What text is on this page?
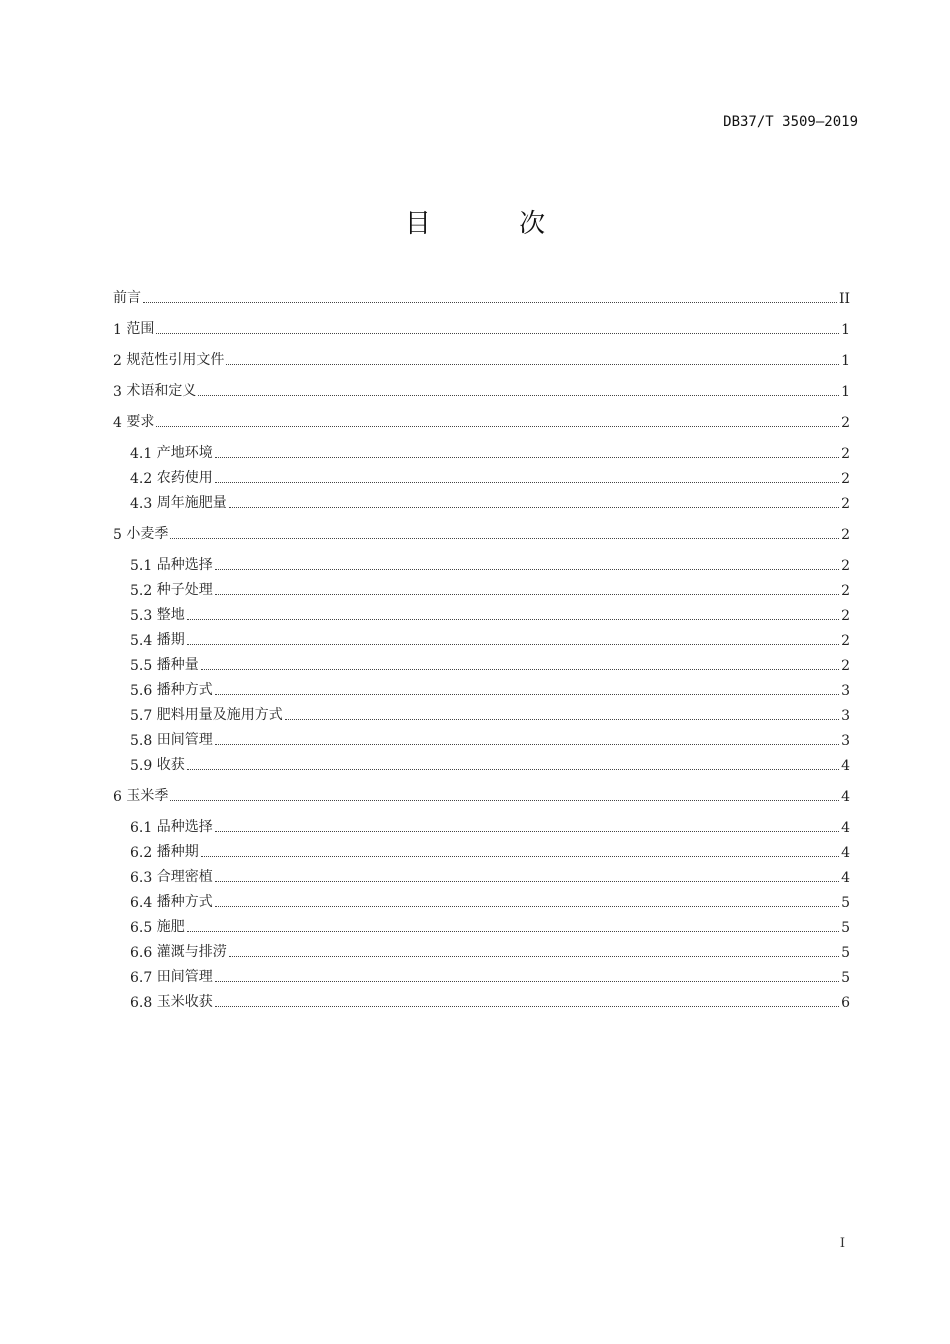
DB37/T 3509—2019
目 次
前言	II
1 范围	1
2 规范性引用文件	1
3 术语和定义	1
4 要求	2
4.1 产地环境	2
4.2 农药使用	2
4.3 周年施肥量	2
5 小麦季	2
5.1 品种选择	2
5.2 种子处理	2
5.3 整地	2
5.4 播期	2
5.5 播种量	2
5.6 播种方式	3
5.7 肥料用量及施用方式	3
5.8 田间管理	3
5.9 收获	4
6 玉米季	4
6.1 品种选择	4
6.2 播种期	4
6.3 合理密植	4
6.4 播种方式	5
6.5 施肥	5
6.6 灌溉与排涝	5
6.7 田间管理	5
6.8 玉米收获	6
I
